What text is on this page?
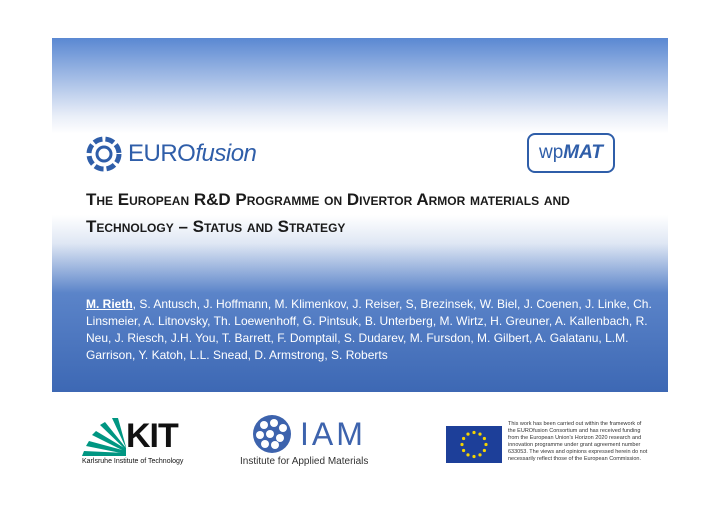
EUROfusion	wp MAT
The European R&D Programme on Divertor Armor materials and Technology – Status and Strategy

M. Rieth, S. Antusch, J. Hoffmann, M. Klimenkov, J. Reiser, S, Brezinsek, W. Biel, J. Coenen, J. Linke, Ch. Linsmeier, A. Litnovsky, Th. Loewenhoff, G. Pintsuk, B. Unterberg, M. Wirtz, H. Greuner, A. Kallenbach, R. Neu, J. Riesch, J.H. You, T. Barrett, F. Domptail, S. Dudarev, M. Fursdon, M. Gilbert, A. Galatanu, L.M. Garrison, Y. Katoh, L.L. Snead, D. Armstrong, S. Roberts

KIT
Karlsruhe Institute of Technology
IAM
Institute for Applied Materials

This work has been carried out within the framework of the EUROfusion Consortium and has received funding from the European Union's Horizon 2020 research and innovation programme under grant agreement number 633053. The views and opinions expressed herein do not necessarily reflect those of the European Commission.
